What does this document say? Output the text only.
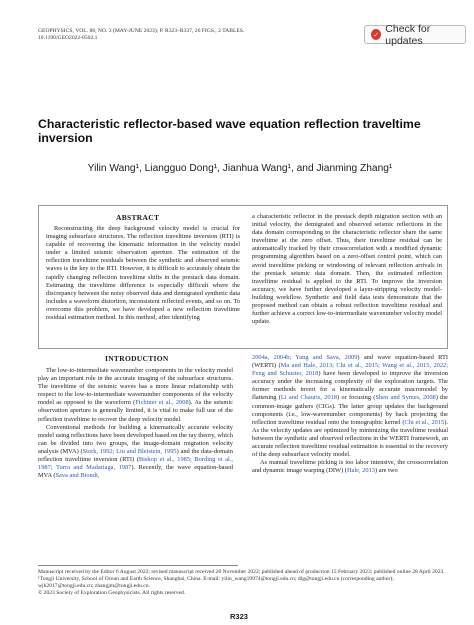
GEOPHYSICS, VOL. 88, NO. 3 (MAY-JUNE 2023); P. R323–R337, 26 FIGS., 2 TABLES.
10.1190/GEO2022-0502.1	✓
Check for updates
Characteristic reflector-based wave equation reflection traveltime inversion
Yilin Wang¹, Liangguo Dong¹, Jianhua Wang¹, and Jianming Zhang¹
ABSTRACT
Reconstructing the deep background velocity model is crucial for imaging subsurface structures. The reflection traveltime inversion (RTI) is capable of recovering the kinematic information in the velocity model under a limited seismic observation aperture. The estimation of the reflection traveltime residuals between the synthetic and observed seismic waves is the key to the RTI. However, it is difficult to accurately obtain the rapidly changing reflection traveltime shifts in the prestack data domain. Estimating the traveltime difference is especially difficult where the discrepancy between the noisy observed data and demigrated synthetic data includes a waveform distortion, inconsistent reflected events, and so on. To overcome this problem, we have developed a new reflection traveltime residual estimation method. In this method, after identifying
a characteristic reflector in the prestack depth migration section with an initial velocity, the demigrated and observed seismic reflections in the data domain corresponding to the characteristic reflector share the same traveltime at the zero offset. Thus, their traveltime residual can be automatically tracked by their crosscorrelation with a modified dynamic programming algorithm based on a zero-offset control point, which can avoid traveltime picking or windowing of relevant reflection arrivals in the prestack seismic data domain. Then, the estimated reflection traveltime residual is applied to the RTI. To improve the inversion accuracy, we have further developed a layer-stripping velocity model-building workflow. Synthetic and field data tests demonstrate that the proposed method can obtain a robust reflection traveltime residual and further achieve a correct low-to-intermediate wavenumber velocity model update.
INTRODUCTION

The low-to-intermediate wavenumber components in the velocity model play an important role in the accurate imaging of the subsurface structures. The traveltime of the seismic waves has a more linear relationship with respect to the low-to-intermediate wavenumber components of the velocity model as opposed to the waveform (Fichtner et al., 2008). As the seismic observation aperture is generally limited, it is vital to make full use of the reflection traveltime to recover the deep velocity model.

Conventional methods for building a kinematically accurate velocity model using reflections have been developed based on the ray theory, which can be divided into two groups, the image-domain migration velocity analysis (MVA) (Stork, 1992; Liu and Bleistein, 1995) and the data-domain reflection traveltime inversion (RTI) (Bishop et al., 1985; Bording et al., 1987; Turra and Madariaga, 1987). Recently, the wave equation-based MVA (Sava and Biondi,

2004a, 2004b; Yang and Sava, 2009) and wave equation-based RTI (WERTI) (Ma and Hale, 2013; Chi et al., 2015; Wang et al., 2015, 2022; Feng and Schuster, 2018) have been developed to improve the inversion accuracy under the increasing complexity of the exploration targets. The former methods invert for a kinematically accurate macromodel by flattening (Li and Chauris, 2018) or focusing (Shen and Symes, 2008) the common-image gathers (CIGs). The latter group updates the background components (i.e., low-wavenumber components) by back projecting the reflection traveltime residual onto the tomographic kernel (Chi et al., 2015). As the velocity updates are optimized by minimizing the traveltime residual between the synthetic and observed reflections in the WERTI framework, an accurate reflection traveltime residual estimation is essential to the recovery of the deep subsurface velocity model.

As manual traveltime picking is too labor intensive, the crosscorrelation and dynamic image warping (DIW) (Hale, 2013) are two

Manuscript received by the Editor 6 August 2022; revised manuscript received 28 November 2022; published ahead of production 15 February 2023; published online 28 April 2023.
¹Tongji University, School of Ocean and Earth Science, Shanghai, China. E-mail: yilin_wang19974@tongji.edu.cn; dlg@tongji.edu.cn (corresponding author); wjh2017@tongji.edu.cn; zhangjm@tongji.edu.cn.
© 2023 Society of Exploration Geophysicists. All rights reserved.
R323
